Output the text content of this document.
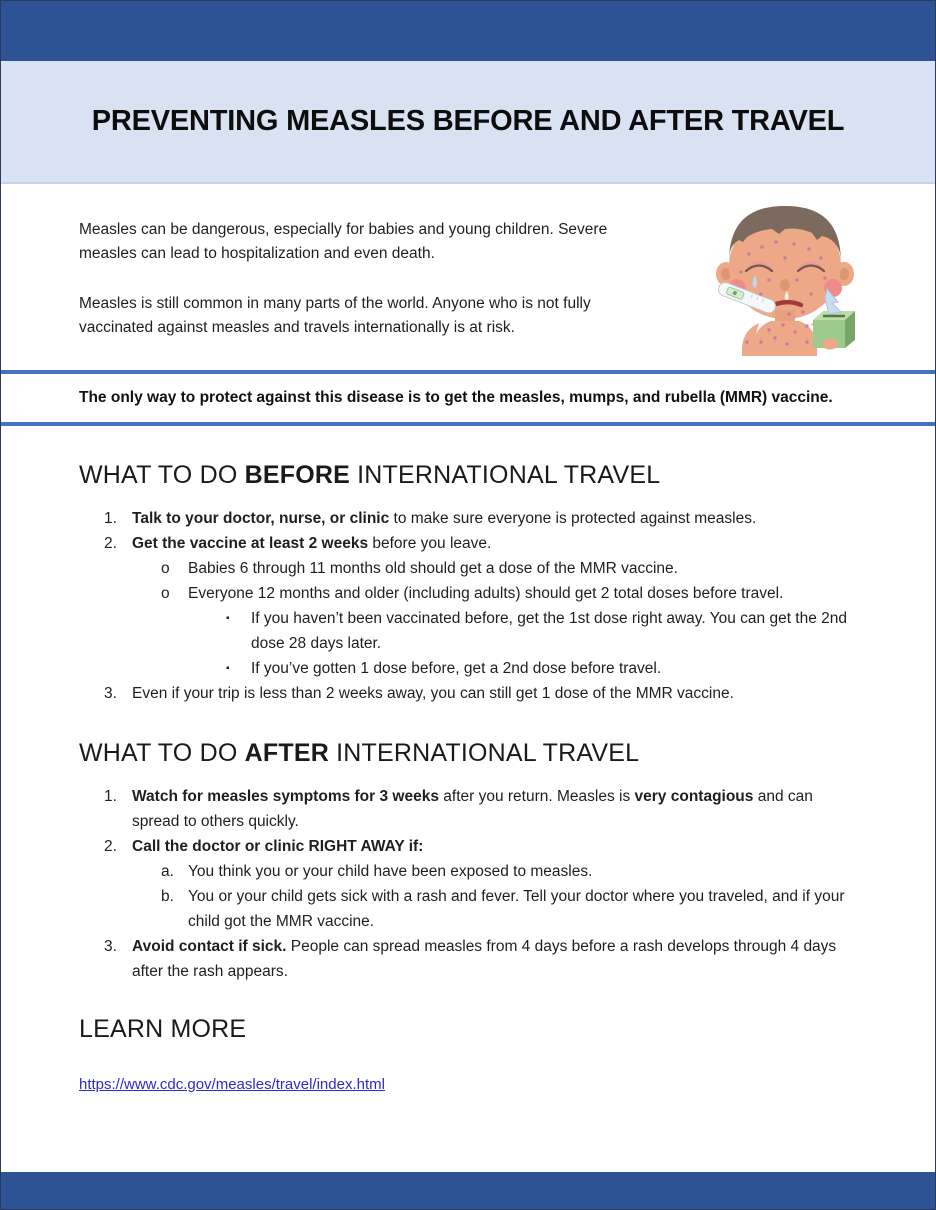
PREVENTING MEASLES BEFORE AND AFTER TRAVEL

Measles can be dangerous, especially for babies and young children. Severe measles can lead to hospitalization and even death.

Measles is still common in many parts of the world. Anyone who is not fully vaccinated against measles and travels internationally is at risk.

The only way to protect against this disease is to get the measles, mumps, and rubella (MMR) vaccine.

WHAT TO DO BEFORE INTERNATIONAL TRAVEL
1. Talk to your doctor, nurse, or clinic to make sure everyone is protected against measles.
2. Get the vaccine at least 2 weeks before you leave.
o	Babies 6 through 11 months old should get a dose of the MMR vaccine.
o	Everyone 12 months and older (including adults) should get 2 total doses before travel.
▪	If you haven’t been vaccinated before, get the 1st dose right away. You can get the 2nd dose 28 days later.
▪	If you’ve gotten 1 dose before, get a 2nd dose before travel.
3. Even if your trip is less than 2 weeks away, you can still get 1 dose of the MMR vaccine.
WHAT TO DO AFTER INTERNATIONAL TRAVEL
1. Watch for measles symptoms for 3 weeks after you return. Measles is very contagious and can spread to others quickly.
2. Call the doctor or clinic RIGHT AWAY if:
a. You think you or your child have been exposed to measles.
b. You or your child gets sick with a rash and fever. Tell your doctor where you traveled, and if your child got the MMR vaccine.
3. Avoid contact if sick. People can spread measles from 4 days before a rash develops through 4 days after the rash appears.
LEARN MORE
https://www.cdc.gov/measles/travel/index.html
